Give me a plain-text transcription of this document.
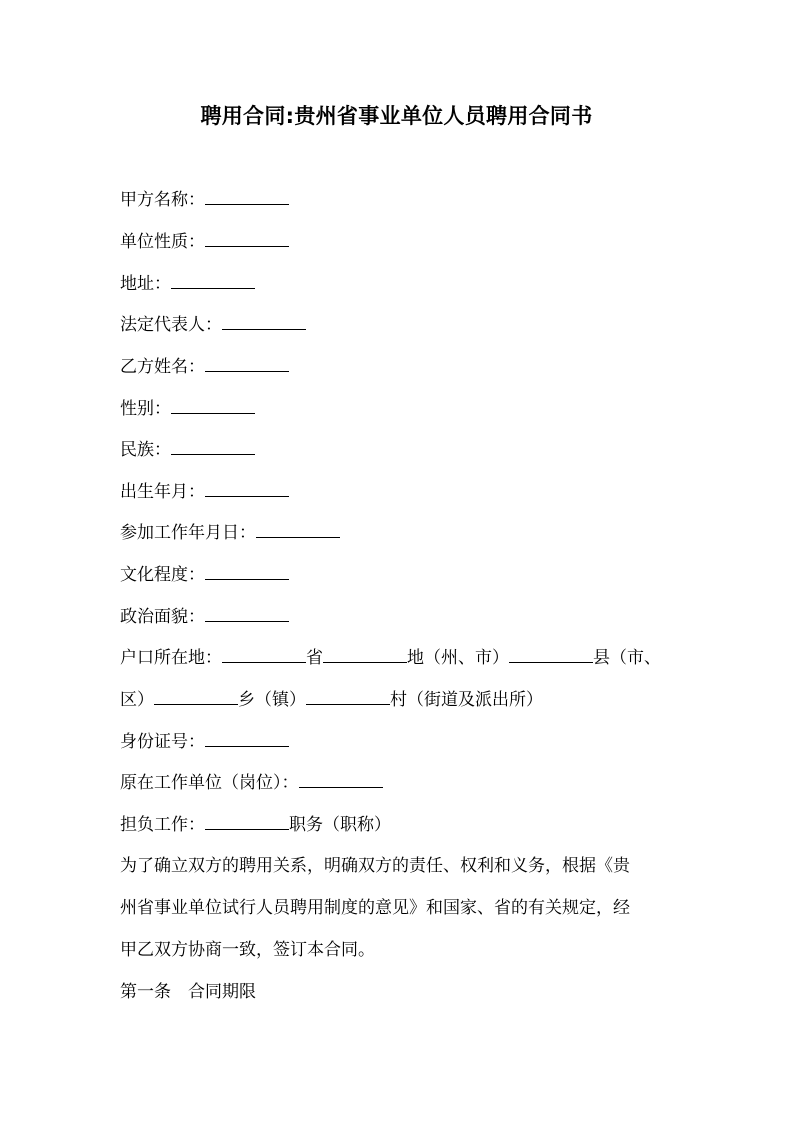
聘用合同:贵州省事业单位人员聘用合同书
甲方名称：
单位性质：
地址：
法定代表人：
乙方姓名：
性别：
民族：
出生年月：
参加工作年月日：
文化程度：
政治面貌：
户口所在地：	省	地（州、市）	县（市、
区）	乡（镇）	村（街道及派出所）
身份证号：
原在工作单位（岗位）：
担负工作：	职务（职称）
为了确立双方的聘用关系，明确双方的责任、权利和义务，根据《贵
州省事业单位试行人员聘用制度的意见》和国家、省的有关规定，经
甲乙双方协商一致，签订本合同。
第一条　合同期限
